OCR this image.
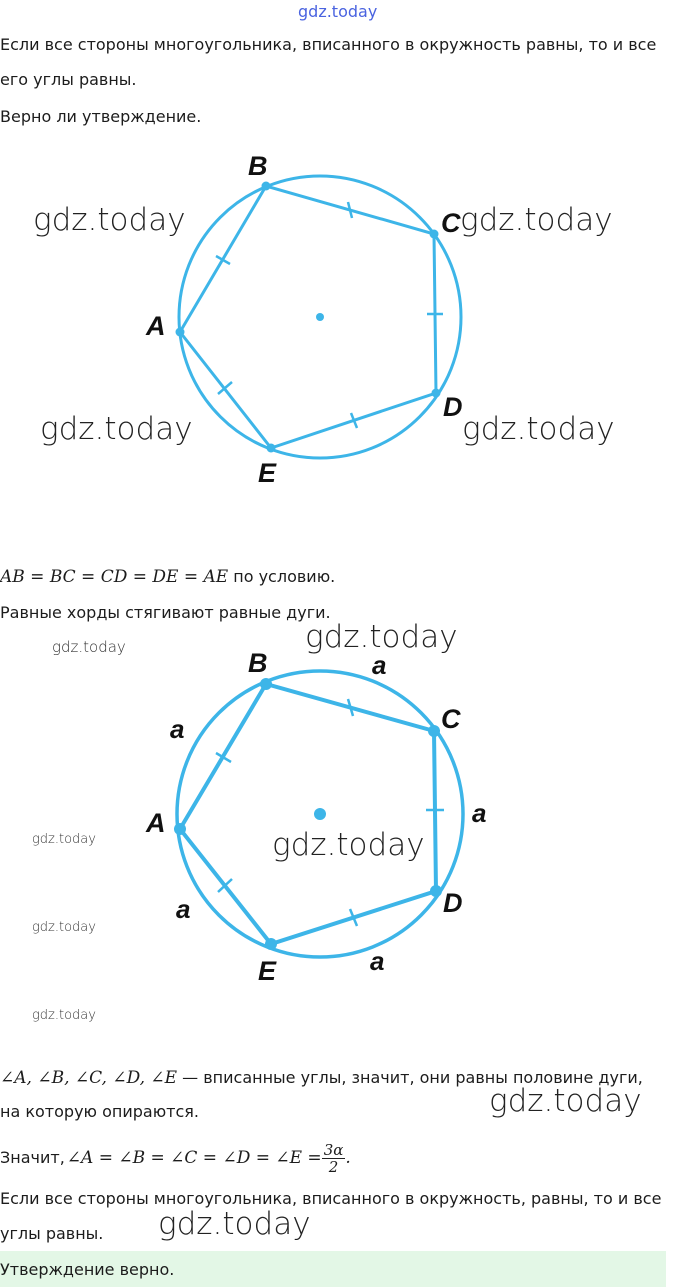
gdz.today
Если все стороны многоугольника, вписанного в окружность равны, то и все
его углы равны.
Верно ли утверждение.
A
B
C
D
E
gdz.today	gdz.today
gdz.today	gdz.today
AB = BC = CD = DE = AE по условию.
Равные хорды стягивают равные дуги.
A
B
C
D
E
a
a
a
a
a
gdz.today
gdz.today
gdz.today
gdz.today
gdz.today
gdz.today
∠A, ∠B, ∠C, ∠D, ∠E — вписанные углы, значит, они равны половине дуги,
на которую опираются.	gdz.today
Значит, ∠A = ∠B = ∠C = ∠D = ∠E = $\frac{3\alpha}{2}$ .
Если все стороны многоугольника, вписанного в окружность, равны, то и все
углы равны. gdz.today
Утверждение верно.
